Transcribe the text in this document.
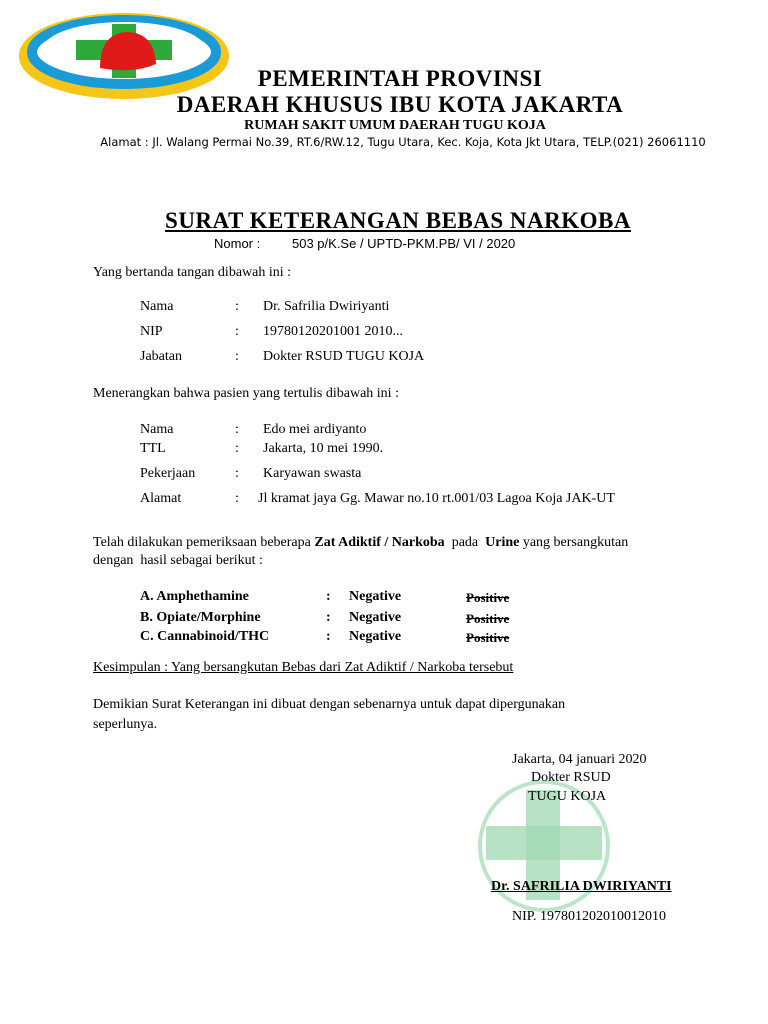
PEMERINTAH PROVINSI
DAERAH KHUSUS IBU KOTA JAKARTA
RUMAH SAKIT UMUM DAERAH TUGU KOJA
Alamat : Jl. Walang Permai No.39, RT.6/RW.12, Tugu Utara, Kec. Koja, Kota Jkt Utara, TELP.(021) 26061110
SURAT KETERANGAN BEBAS NARKOBA
Nomor : 503 p/K.Se / UPTD-PKM.PB/ VI / 2020
Yang bertanda tangan dibawah ini :
Nama	: Dr. Safrilia Dwiriyanti
NIP	: 19780120201001 2010...
Jabatan	: Dokter RSUD TUGU KOJA
Menerangkan bahwa pasien yang tertulis dibawah ini :
Nama	: Edo mei ardiyanto
TTL	: Jakarta, 10 mei 1990.
Pekerjaan	: Karyawan swasta
Alamat	: Jl kramat jaya Gg. Mawar no.10 rt.001/03 Lagoa Koja JAK-UT
Telah dilakukan pemeriksaan beberapa Zat Adiktif / Narkoba  pada  Urine yang bersangkutan
dengan  hasil sebagai berikut :
A. Amphethamine	: Negative	Positive
B. Opiate/Morphine	: Negative	Positive
C. Cannabinoid/THC	: Negative	Positive
Kesimpulan : Yang bersangkutan Bebas dari Zat Adiktif / Narkoba tersebut
Demikian Surat Keterangan ini dibuat dengan sebenarnya untuk dapat dipergunakan
seperlunya.
Jakarta, 04 januari 2020
Dokter RSUD
TUGU KOJA
Dr. SAFRILIA DWIRIYANTI
NIP. 197801202010012010
